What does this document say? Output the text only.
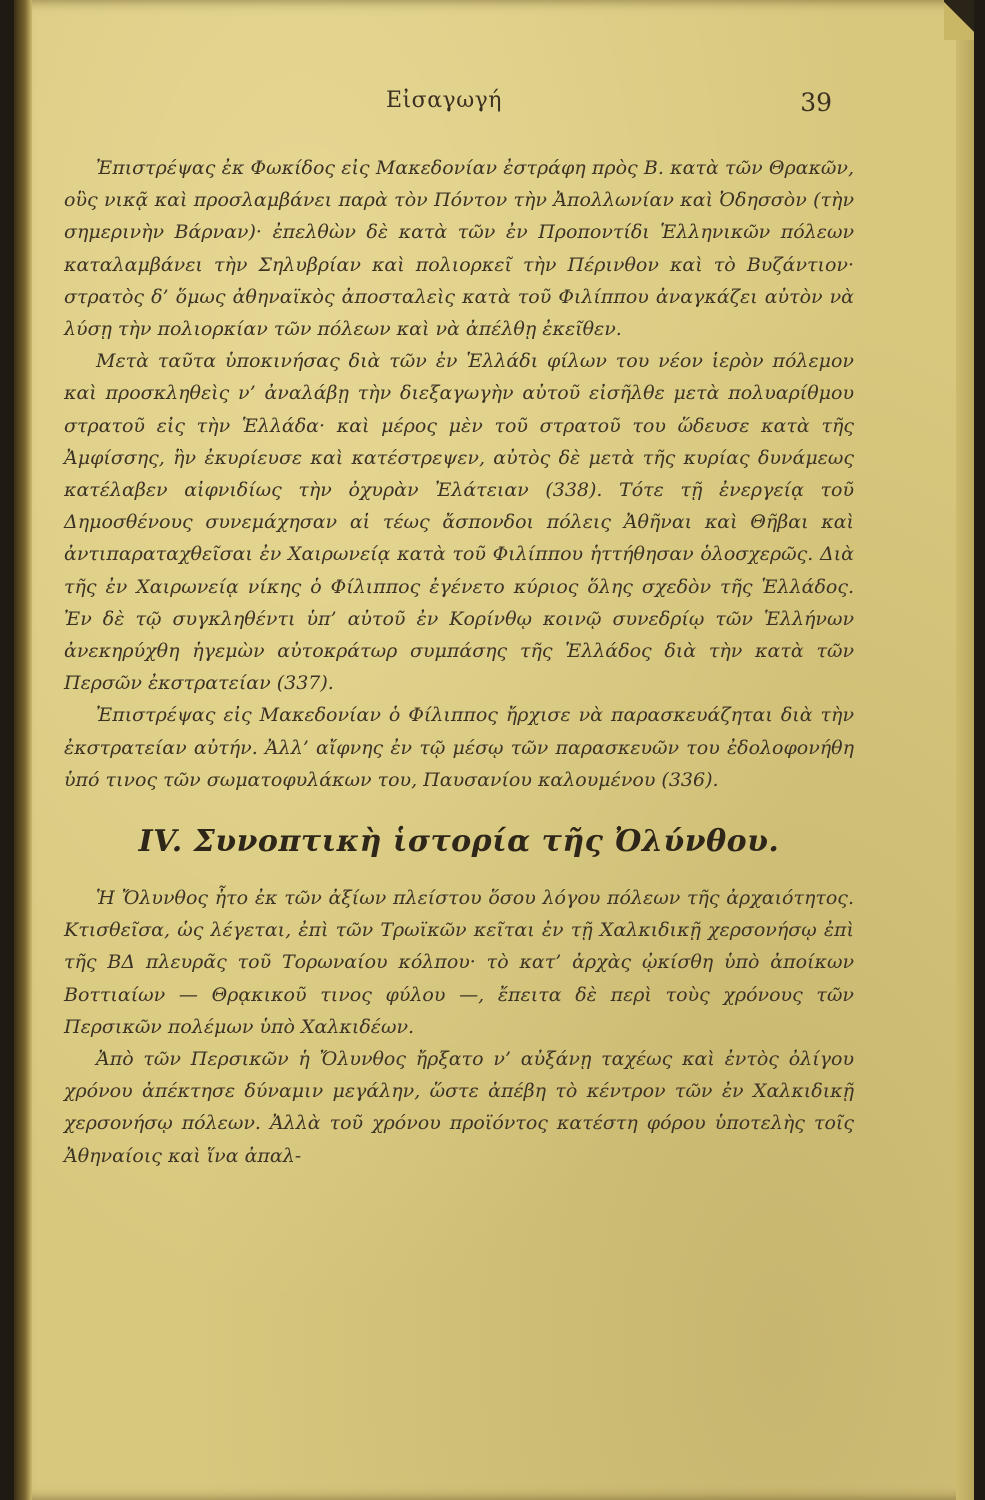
Εἰσαγωγή	39

Ἐπιστρέψας ἐκ Φωκίδος εἰς Μακεδονίαν ἐστράφη πρὸς Β. κατὰ τῶν Θρακῶν, οὓς νικᾷ καὶ προσλαμβάνει παρὰ τὸν Πόντον τὴν Ἀπολλωνίαν καὶ Ὀδησσὸν (τὴν σημερινὴν Βάρναν)· ἐπελθὼν δὲ κατὰ τῶν ἐν Προποντίδι Ἑλληνικῶν πόλεων καταλαμβάνει τὴν Σηλυβρίαν καὶ πολιορκεῖ τὴν Πέρινθον καὶ τὸ Βυζάντιον· στρατὸς δ’ ὅμως ἀθηναϊκὸς ἀποσταλεὶς κατὰ τοῦ Φιλίππου ἀναγκάζει αὐτὸν νὰ λύσῃ τὴν πολιορκίαν τῶν πόλεων καὶ νὰ ἀπέλθῃ ἐκεῖθεν.

Μετὰ ταῦτα ὑποκινήσας διὰ τῶν ἐν Ἑλλάδι φίλων του νέον ἱερὸν πόλεμον καὶ προσκληθεὶς ν’ ἀναλάβῃ τὴν διεξαγωγὴν αὐτοῦ εἰσῆλθε μετὰ πολυαρίθμου στρατοῦ εἰς τὴν Ἑλλάδα· καὶ μέρος μὲν τοῦ στρατοῦ του ὥδευσε κατὰ τῆς Ἀμφίσσης, ἣν ἐκυρίευσε καὶ κατέστρεψεν, αὐτὸς δὲ μετὰ τῆς κυρίας δυνάμεως κατέλαβεν αἰφνιδίως τὴν ὀχυρὰν Ἐλάτειαν (338). Τότε τῇ ἐνεργείᾳ τοῦ Δημοσθένους συνεμάχησαν αἱ τέως ἄσπονδοι πόλεις Ἀθῆναι καὶ Θῆβαι καὶ ἀντιπαραταχθεῖσαι ἐν Χαιρωνείᾳ κατὰ τοῦ Φιλίππου ἡττήθησαν ὁλοσχερῶς. Διὰ τῆς ἐν Χαιρωνείᾳ νίκης ὁ Φίλιππος ἐγένετο κύριος ὅλης σχεδὸν τῆς Ἑλλάδος. Ἐν δὲ τῷ συγκληθέντι ὑπ’ αὐτοῦ ἐν Κορίνθῳ κοινῷ συνεδρίῳ τῶν Ἑλλήνων ἀνεκηρύχθη ἡγεμὼν αὐτοκράτωρ συμπάσης τῆς Ἑλλάδος διὰ τὴν κατὰ τῶν Περσῶν ἐκστρατείαν (337).

Ἐπιστρέψας εἰς Μακεδονίαν ὁ Φίλιππος ἤρχισε νὰ παρασκευάζηται διὰ τὴν ἐκστρατείαν αὐτήν. Ἀλλ’ αἴφνης ἐν τῷ μέσῳ τῶν παρασκευῶν του ἐδολοφονήθη ὑπό τινος τῶν σωματοφυλάκων του, Παυσανίου καλουμένου (336).

IV. Συνοπτικὴ ἱστορία τῆς Ὀλύνθου.

Ἡ Ὄλυνθος ἦτο ἐκ τῶν ἀξίων πλείστου ὅσου λόγου πόλεων τῆς ἀρχαιότητος. Κτισθεῖσα, ὡς λέγεται, ἐπὶ τῶν Τρωϊκῶν κεῖται ἐν τῇ Χαλκιδικῇ χερσονήσῳ ἐπὶ τῆς ΒΔ πλευρᾶς τοῦ Τορωναίου κόλπου· τὸ κατ’ ἀρχὰς ᾠκίσθη ὑπὸ ἀποίκων Βοττιαίων — Θρᾳκικοῦ τινος φύλου —, ἔπειτα δὲ περὶ τοὺς χρόνους τῶν Περσικῶν πολέμων ὑπὸ Χαλκιδέων.

Ἀπὸ τῶν Περσικῶν ἡ Ὄλυνθος ἤρξατο ν’ αὐξάνῃ ταχέως καὶ ἐντὸς ὀλίγου χρόνου ἀπέκτησε δύναμιν μεγάλην, ὥστε ἀπέβη τὸ κέντρον τῶν ἐν Χαλκιδικῇ χερσονήσῳ πόλεων. Ἀλλὰ τοῦ χρόνου προϊόντος κατέστη φόρου ὑποτελὴς τοῖς Ἀθηναίοις καὶ ἵνα ἀπαλ-
